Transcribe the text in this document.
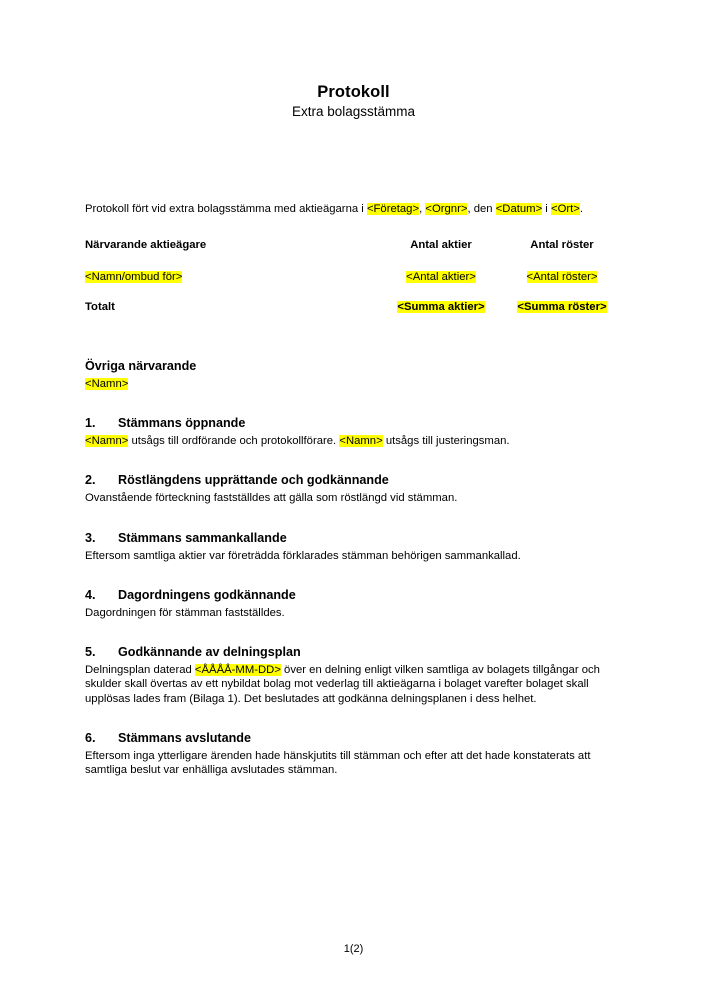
Protokoll
Extra bolagsstämma

Protokoll fört vid extra bolagsstämma med aktieägarna i <Företag>, <Orgnr>, den <Datum> i <Ort>.

Närvarande aktieägare	Antal aktier	Antal röster
<Namn/ombud för>	<Antal aktier>	<Antal röster>
Totalt	<Summa aktier>	<Summa röster>
Övriga närvarande

<Namn>

1.	Stämmans öppnande

<Namn> utsågs till ordförande och protokollförare. <Namn> utsågs till justeringsman.

2.	Röstlängdens upprättande och godkännande

Ovanstående förteckning fastställdes att gälla som röstlängd vid stämman.

3.	Stämmans sammankallande

Eftersom samtliga aktier var företrädda förklarades stämman behörigen sammankallad.

4.	Dagordningens godkännande

Dagordningen för stämman fastställdes.

5.	Godkännande av delningsplan

Delningsplan daterad <ÅÅÅÅ-MM-DD> över en delning enligt vilken samtliga av bolagets tillgångar och skulder skall övertas av ett nybildat bolag mot vederlag till aktieägarna i bolaget varefter bolaget skall upplösas lades fram (Bilaga 1). Det beslutades att godkänna delningsplanen i dess helhet.

6.	Stämmans avslutande

Eftersom inga ytterligare ärenden hade hänskjutits till stämman och efter att det hade konstaterats att samtliga beslut var enhälliga avslutades stämman.

1(2)
